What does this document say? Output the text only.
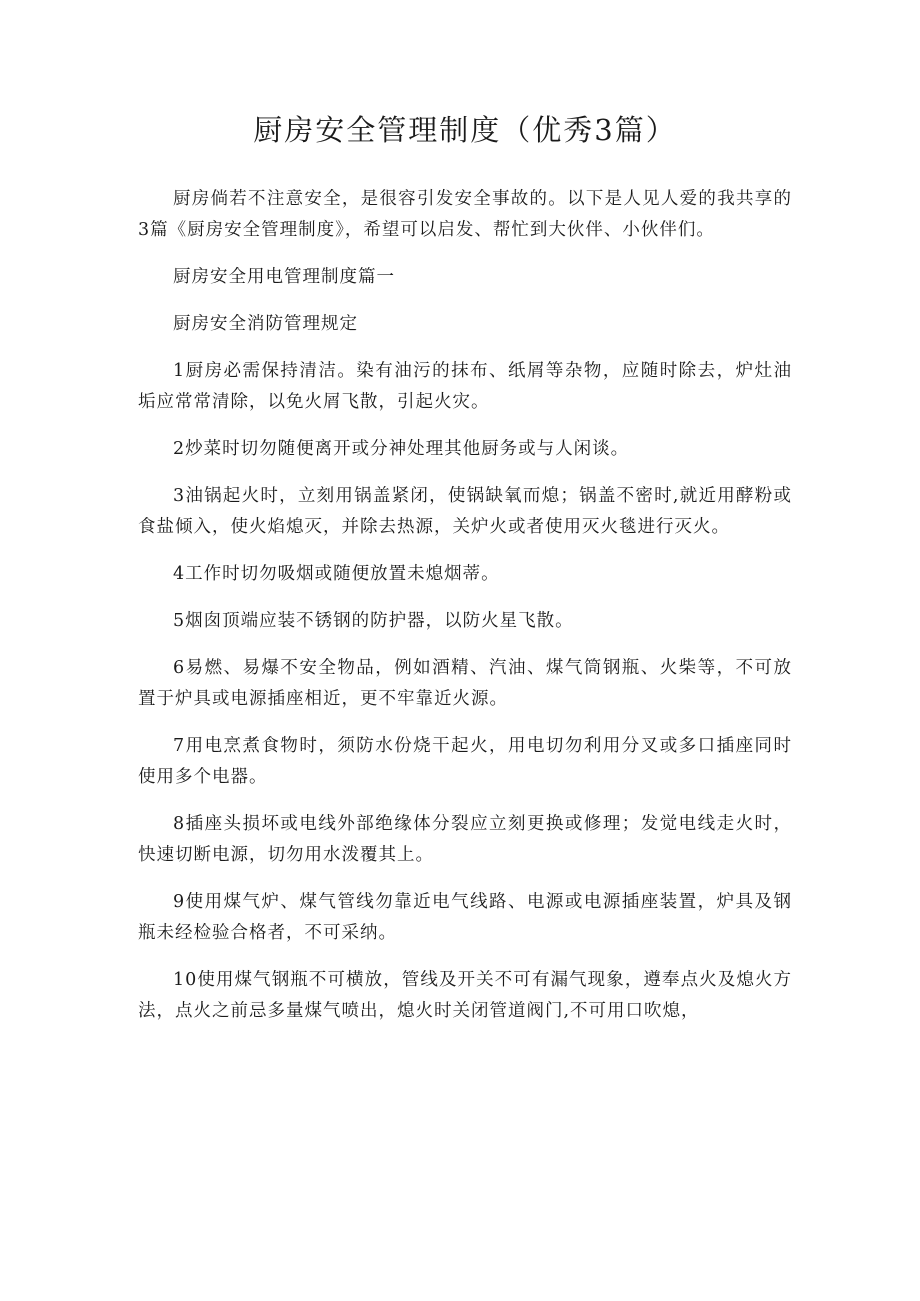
厨房安全管理制度（优秀3篇）

厨房倘若不注意安全，是很容引发安全事故的。以下是人见人爱的我共享的3篇《厨房安全管理制度》，希望可以启发、帮忙到大伙伴、小伙伴们。

厨房安全用电管理制度篇一

厨房安全消防管理规定

1厨房必需保持清洁。染有油污的抹布、纸屑等杂物，应随时除去，炉灶油垢应常常清除，以免火屑飞散，引起火灾。

2炒菜时切勿随便离开或分神处理其他厨务或与人闲谈。

3油锅起火时，立刻用锅盖紧闭，使锅缺氧而熄；锅盖不密时,就近用酵粉或食盐倾入，使火焰熄灭，并除去热源，关炉火或者使用灭火毯进行灭火。

4工作时切勿吸烟或随便放置未熄烟蒂。

5烟囱顶端应装不锈钢的防护器，以防火星飞散。

6易燃、易爆不安全物品，例如酒精、汽油、煤气筒钢瓶、火柴等，不可放置于炉具或电源插座相近，更不牢靠近火源。

7用电烹煮食物时，须防水份烧干起火，用电切勿利用分叉或多口插座同时使用多个电器。

8插座头损坏或电线外部绝缘体分裂应立刻更换或修理；发觉电线走火时，快速切断电源，切勿用水泼覆其上。

9使用煤气炉、煤气管线勿靠近电气线路、电源或电源插座装置，炉具及钢瓶未经检验合格者，不可采纳。

10使用煤气钢瓶不可横放，管线及开关不可有漏气现象，遵奉点火及熄火方法，点火之前忌多量煤气喷出，熄火时关闭管道阀门,不可用口吹熄，
